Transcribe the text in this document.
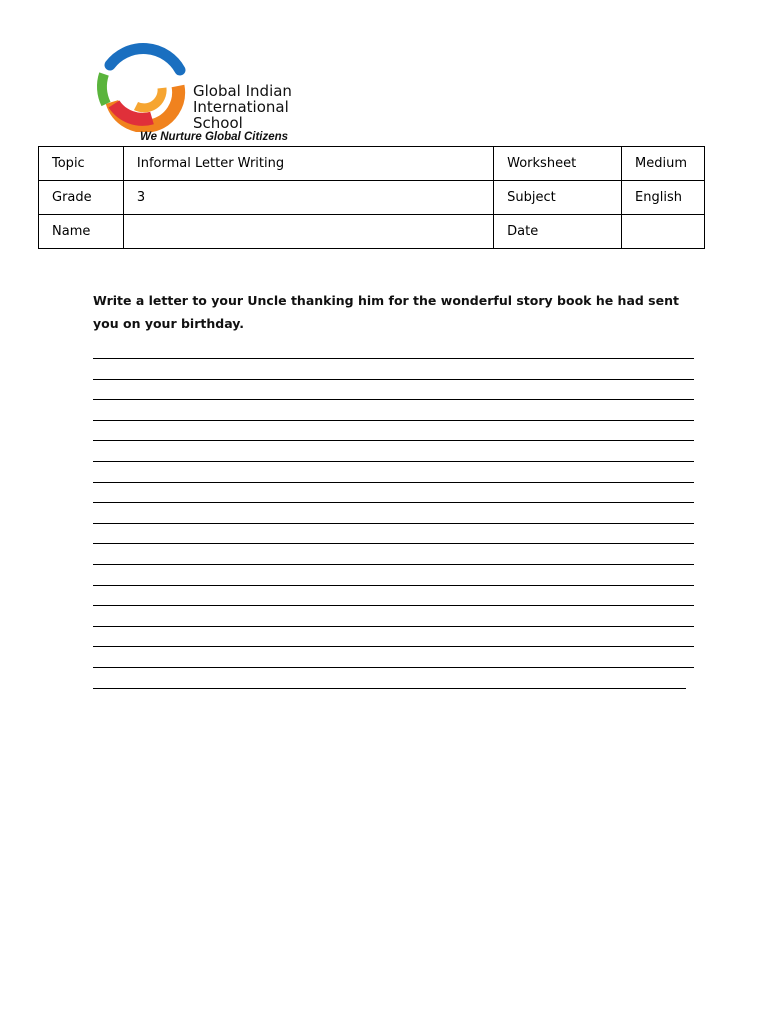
Global Indian
International
School
We Nurture Global Citizens
Topic	Informal Letter Writing	Worksheet	Medium
Grade	3	Subject	English
Name		Date	
Write a letter to your Uncle thanking him for the wonderful story book he had sent you on your birthday.
